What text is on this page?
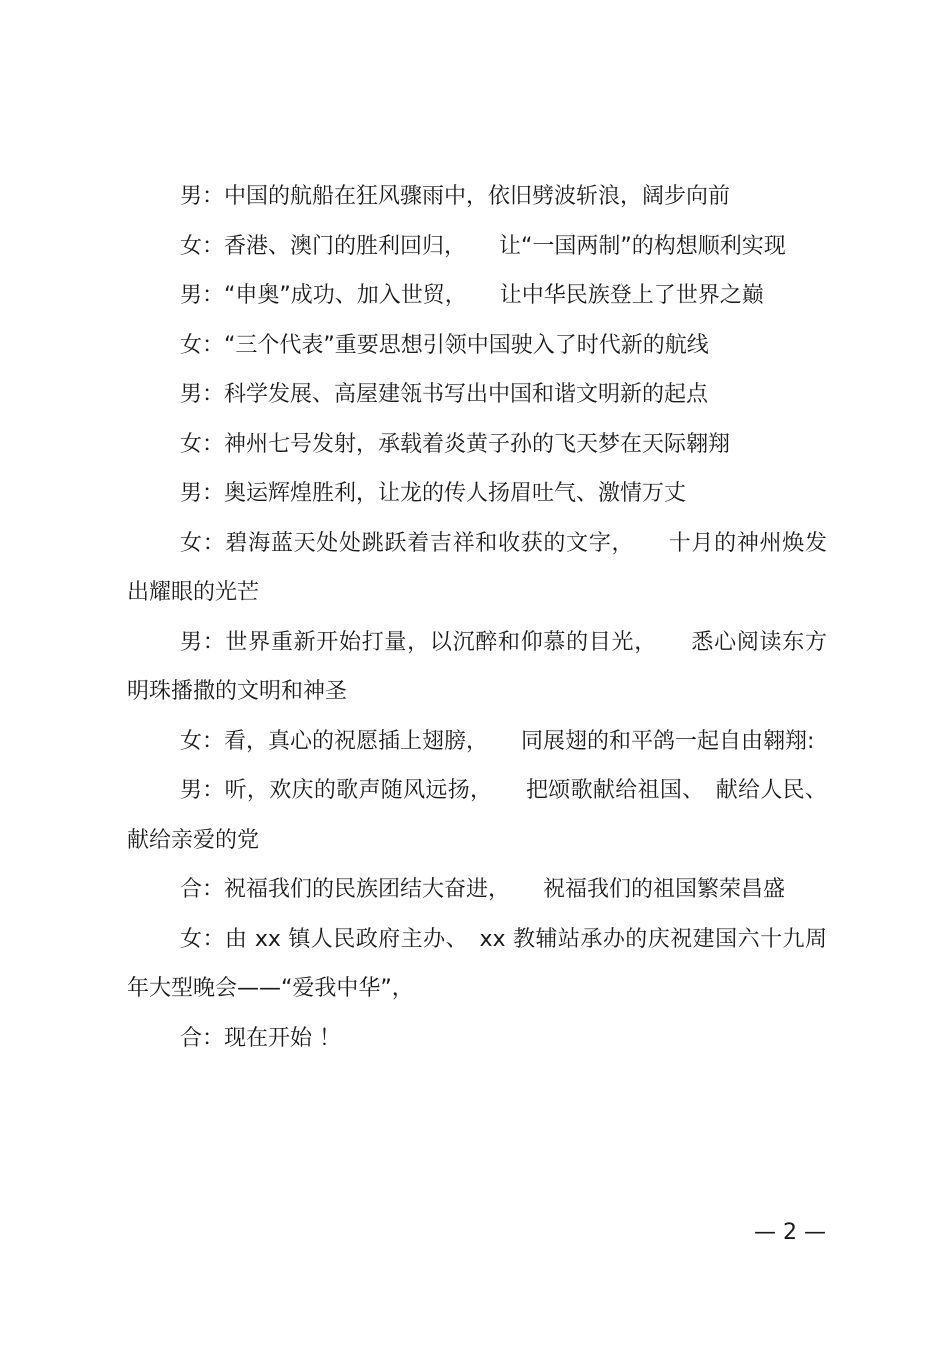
男：中国的航船在狂风骤雨中，依旧劈波斩浪，阔步向前

女：香港、澳门的胜利回归，　　让“一国两制”的构想顺利实现

男：“申奥”成功、加入世贸，　　让中华民族登上了世界之巅

女：“三个代表”重要思想引领中国驶入了时代新的航线

男：科学发展、高屋建瓴书写出中国和谐文明新的起点

女：神州七号发射，承载着炎黄子孙的飞天梦在天际翱翔

男：奥运辉煌胜利，让龙的传人扬眉吐气、激情万丈

女：碧海蓝天处处跳跃着吉祥和收获的文字，　　十月的神州焕发出耀眼的光芒

男：世界重新开始打量，以沉醉和仰慕的目光，　　悉心阅读东方明珠播撒的文明和神圣

女：看，真心的祝愿插上翅膀，　　同展翅的和平鸽一起自由翱翔:

男：听，欢庆的歌声随风远扬，　　把颂歌献给祖国、　献给人民、献给亲爱的党

合：祝福我们的民族团结大奋进，　　祝福我们的祖国繁荣昌盛

女：由 xx 镇人民政府主办、　xx 教辅站承办的庆祝建国六十九周年大型晚会——“爱我中华”，

合：现在开始 ！

— 2 —
